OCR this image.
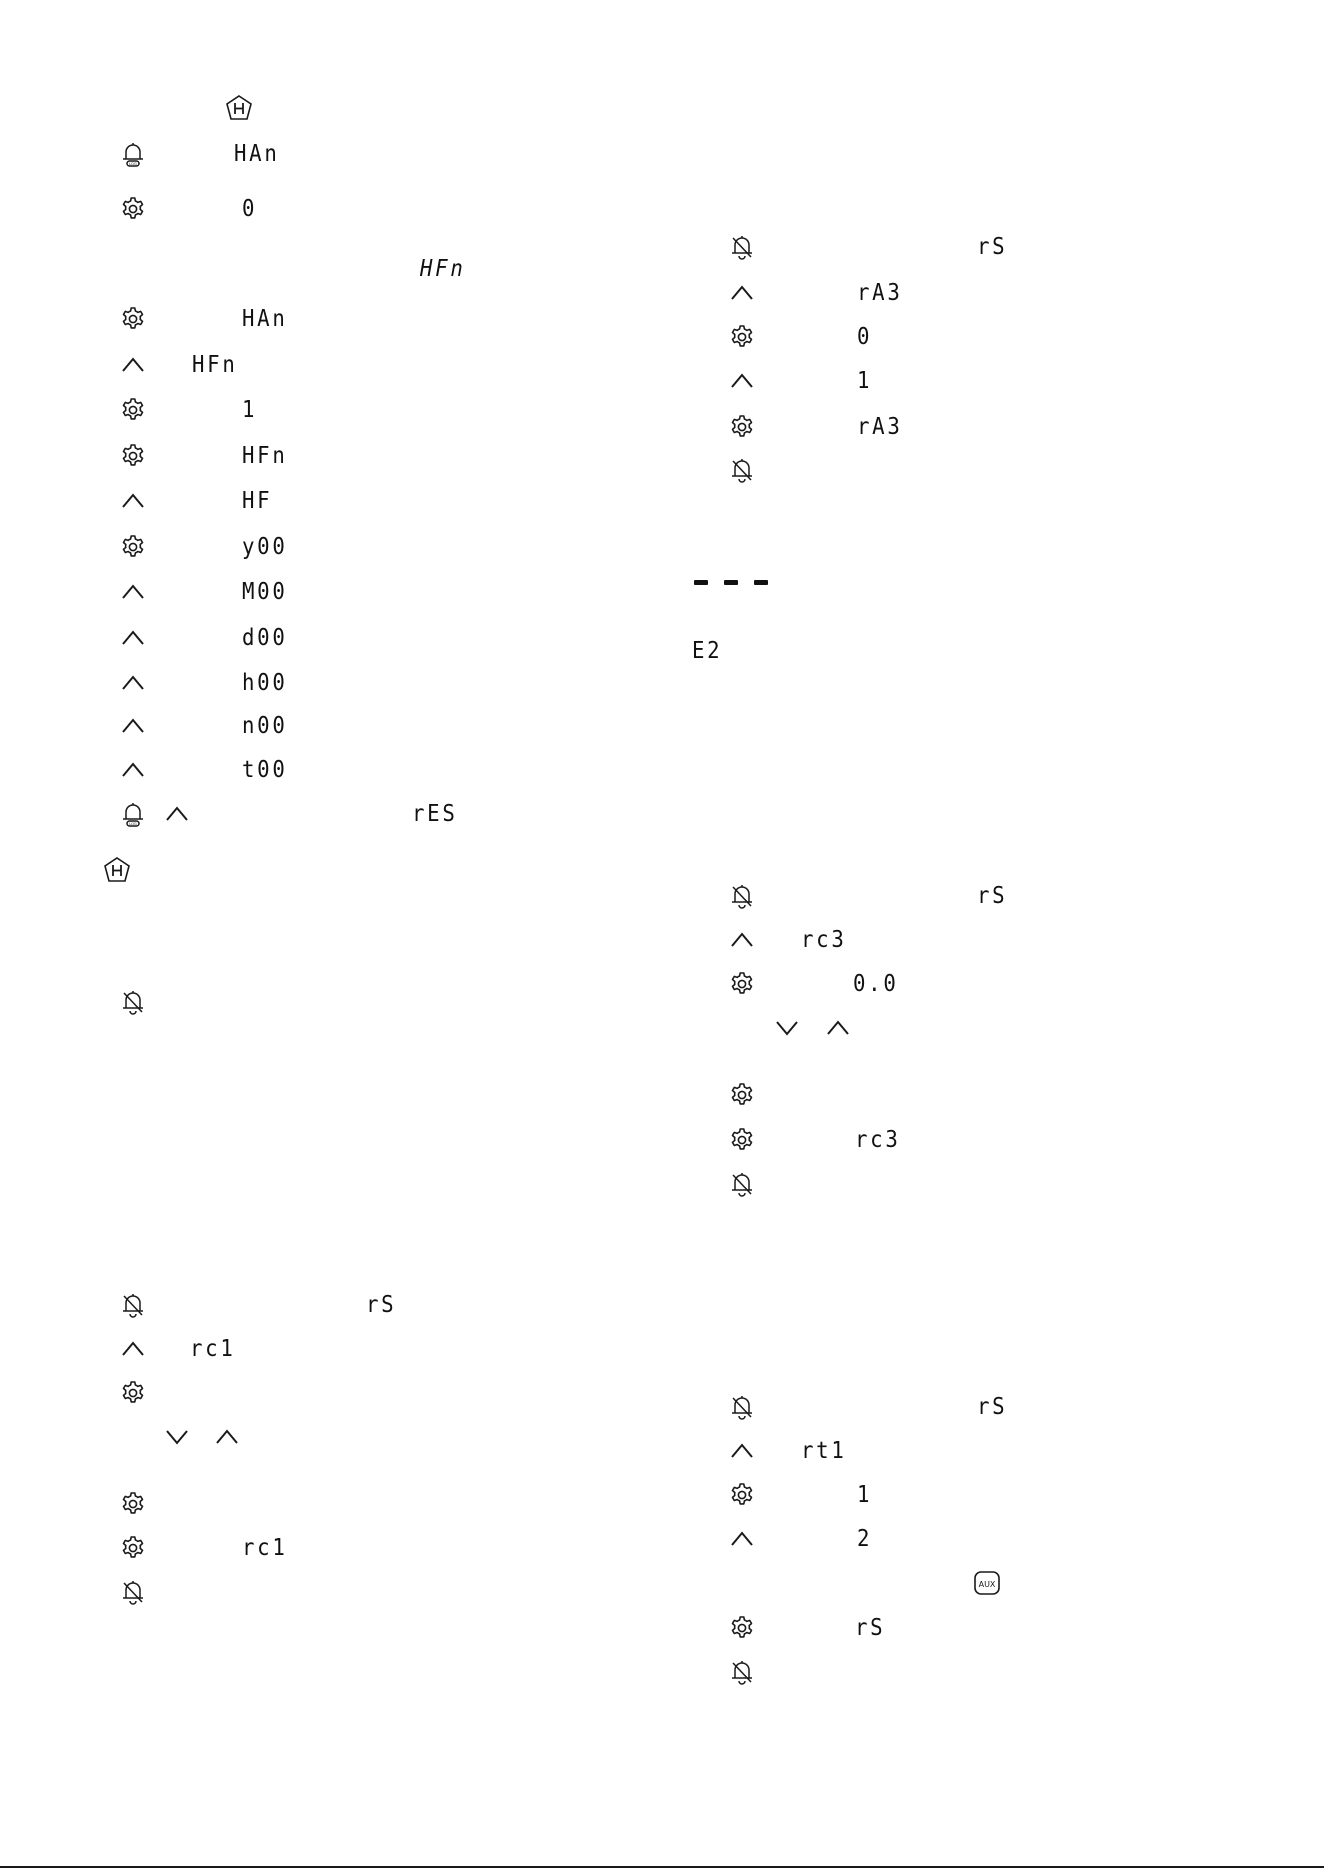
HAn
0
HFn
HAn
HFn
1
HFn
HF
y00
M00
d00
h00
n00
t00
rES
rS
rc1
rc1
rS
rA3
0
1
rA3
E2
rS
rc3
0.0
rc3
rS
rt1
1
2
rS
